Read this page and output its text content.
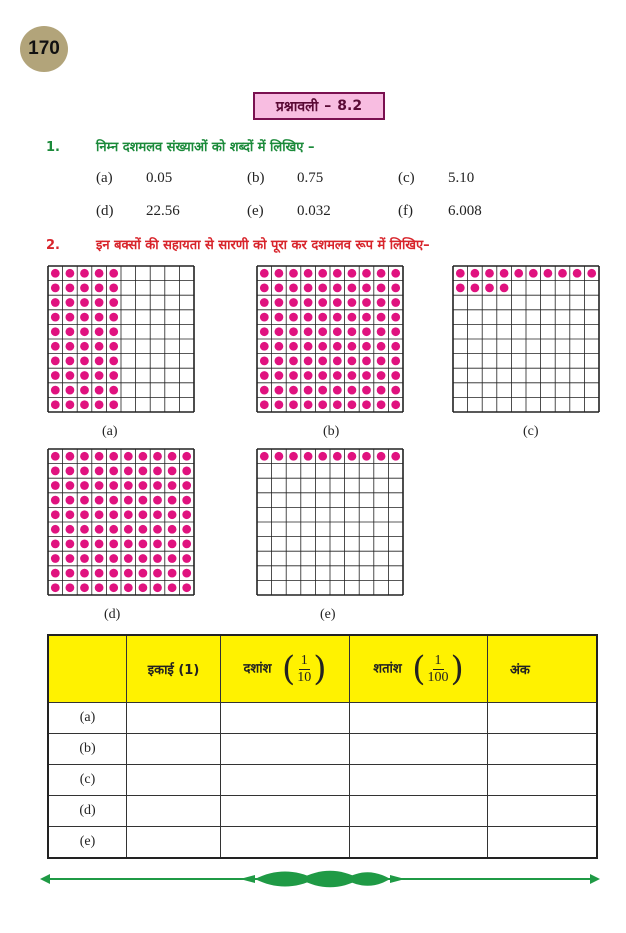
170
प्रश्नावली – 8.2
1.	निम्न दशमलव संख्याओं को शब्दों में लिखिए –
(a) 0.05	(b) 0.75	(c) 5.10
(d) 22.56	(e) 0.032	(f) 6.008
2.	इन बक्सों की सहायता से सारणी को पूरा कर दशमलव रूप में लिखिए–
(a)	(b)	(c)
(d)	(e)
	इकाई (1)	दशांश ( $\frac{1}{10}$ )	शतांश ( $\frac{1}{100}$ )	अंक
(a)				
(b)				
(c)				
(d)				
(e)				
